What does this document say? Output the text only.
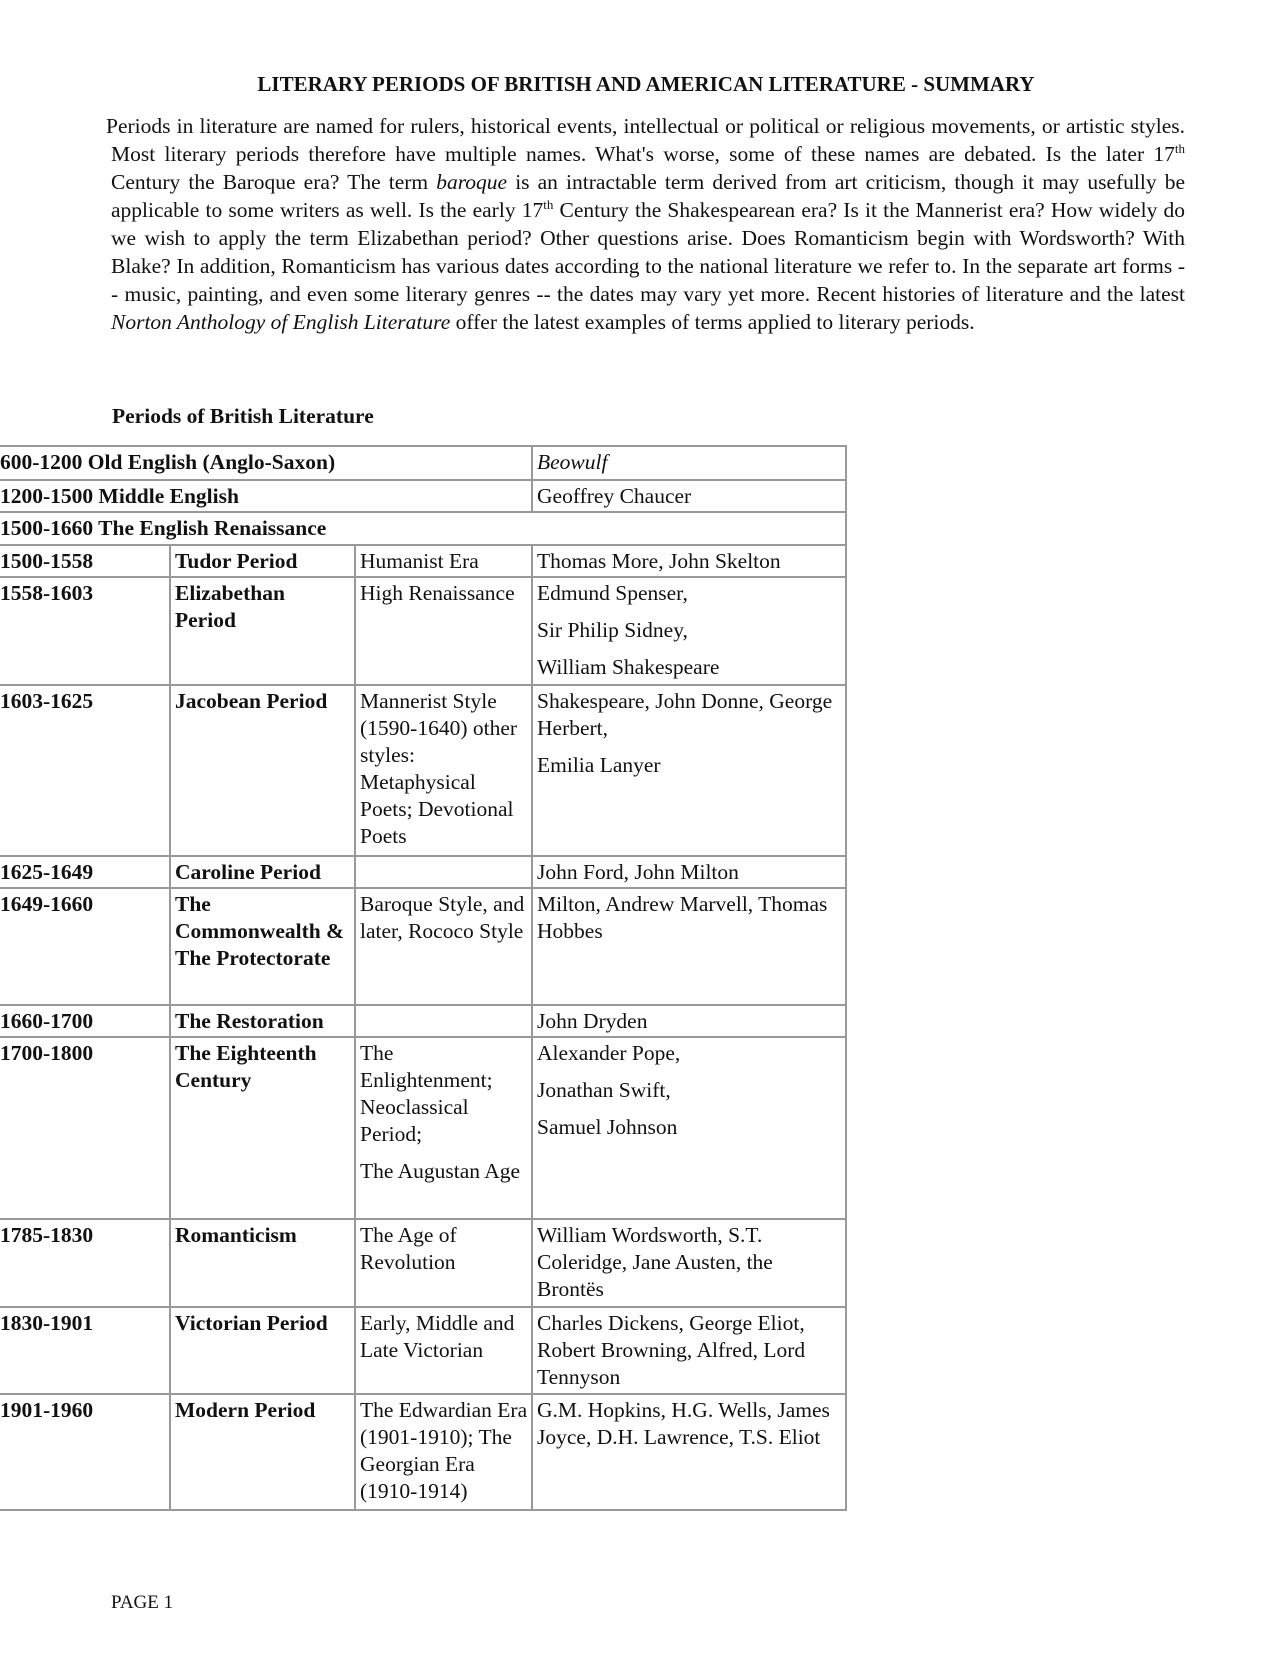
LITERARY PERIODS OF BRITISH AND AMERICAN LITERATURE - SUMMARY
Periods in literature are named for rulers, historical events, intellectual or political or religious movements, or artistic styles. Most literary periods therefore have multiple names. What's worse, some of these names are debated. Is the later 17th Century the Baroque era? The term baroque is an intractable term derived from art criticism, though it may usefully be applicable to some writers as well. Is the early 17th Century the Shakespearean era? Is it the Mannerist era? How widely do we wish to apply the term Elizabethan period? Other questions arise. Does Romanticism begin with Wordsworth? With Blake? In addition, Romanticism has various dates according to the national literature we refer to. In the separate art forms -- music, painting, and even some literary genres -- the dates may vary yet more. Recent histories of literature and the latest Norton Anthology of English Literature offer the latest examples of terms applied to literary periods.
Periods of British Literature
600-1200 Old English (Anglo-Saxon)			Beowulf
1200-1500 Middle English			Geoffrey Chaucer
1500-1660 The English Renaissance			

1500-1558	Tudor Period	Humanist Era	Thomas More, John Skelton

1558-1603	Elizabethan Period	High Renaissance	Edmund Spenser,
Sir Philip Sidney,
William Shakespeare

1603-1625	Jacobean Period	Mannerist Style (1590-1640) other styles: Metaphysical Poets; Devotional Poets	Shakespeare, John Donne, George Herbert,
Emilia Lanyer

1625-1649	Caroline Period		John Ford, John Milton

1649-1660	The Commonwealth & The Protectorate	Baroque Style, and later, Rococo Style	Milton, Andrew Marvell, Thomas Hobbes

1660-1700	The Restoration		John Dryden

1700-1800	The Eighteenth Century	The Enlightenment; Neoclassical Period;
The Augustan Age	Alexander Pope,
Jonathan Swift,
Samuel Johnson

1785-1830	Romanticism	The Age of Revolution	William Wordsworth, S.T. Coleridge, Jane Austen, the Brontës

1830-1901	Victorian Period	Early, Middle and Late Victorian	Charles Dickens, George Eliot, Robert Browning, Alfred, Lord Tennyson

1901-1960	Modern Period	The Edwardian Era (1901-1910); The Georgian Era (1910-1914)	G.M. Hopkins, H.G. Wells, James Joyce, D.H. Lawrence, T.S. Eliot
PAGE 1
